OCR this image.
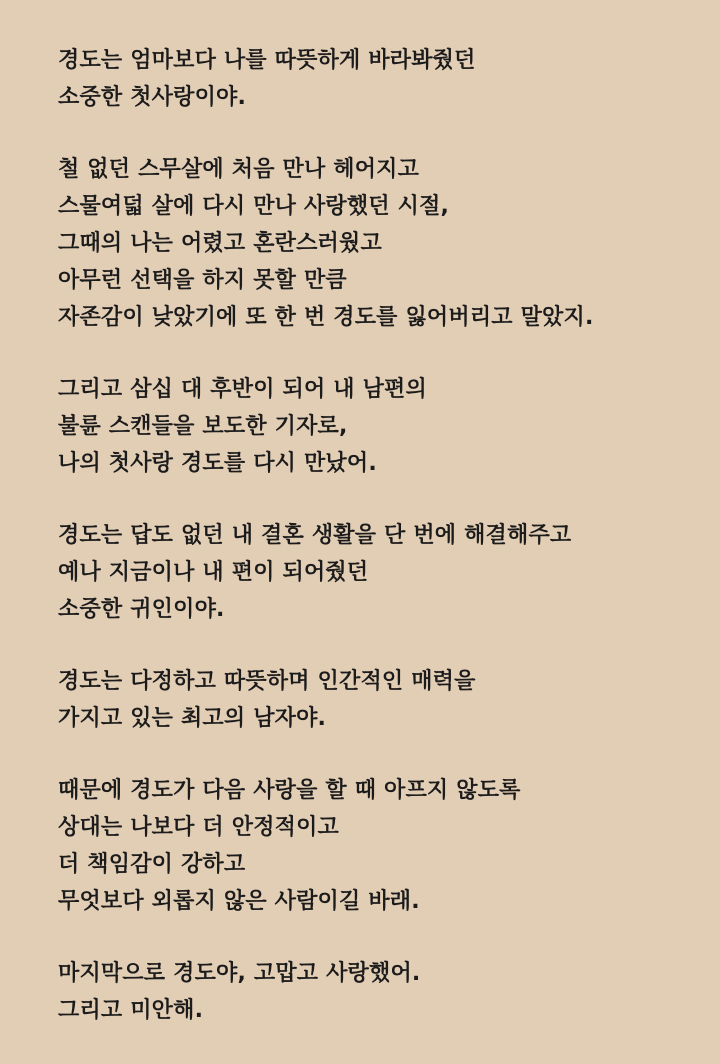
경도는 엄마보다 나를 따뜻하게 바라봐줬던
소중한 첫사랑이야.
철 없던 스무살에 처음 만나 헤어지고
스물여덟 살에 다시 만나 사랑했던 시절,
그때의 나는 어렸고 혼란스러웠고
아무런 선택을 하지 못할 만큼
자존감이 낮았기에 또 한 번 경도를 잃어버리고 말았지.
그리고 삼십 대 후반이 되어 내 남편의
불륜 스캔들을 보도한 기자로,
나의 첫사랑 경도를 다시 만났어.
경도는 답도 없던 내 결혼 생활을 단 번에 해결해주고
예나 지금이나 내 편이 되어줬던
소중한 귀인이야.
경도는 다정하고 따뜻하며 인간적인 매력을
가지고 있는 최고의 남자야.
때문에 경도가 다음 사랑을 할 때 아프지 않도록
상대는 나보다 더 안정적이고
더 책임감이 강하고
무엇보다 외롭지 않은 사람이길 바래.
마지막으로 경도야, 고맙고 사랑했어.
그리고 미안해.
